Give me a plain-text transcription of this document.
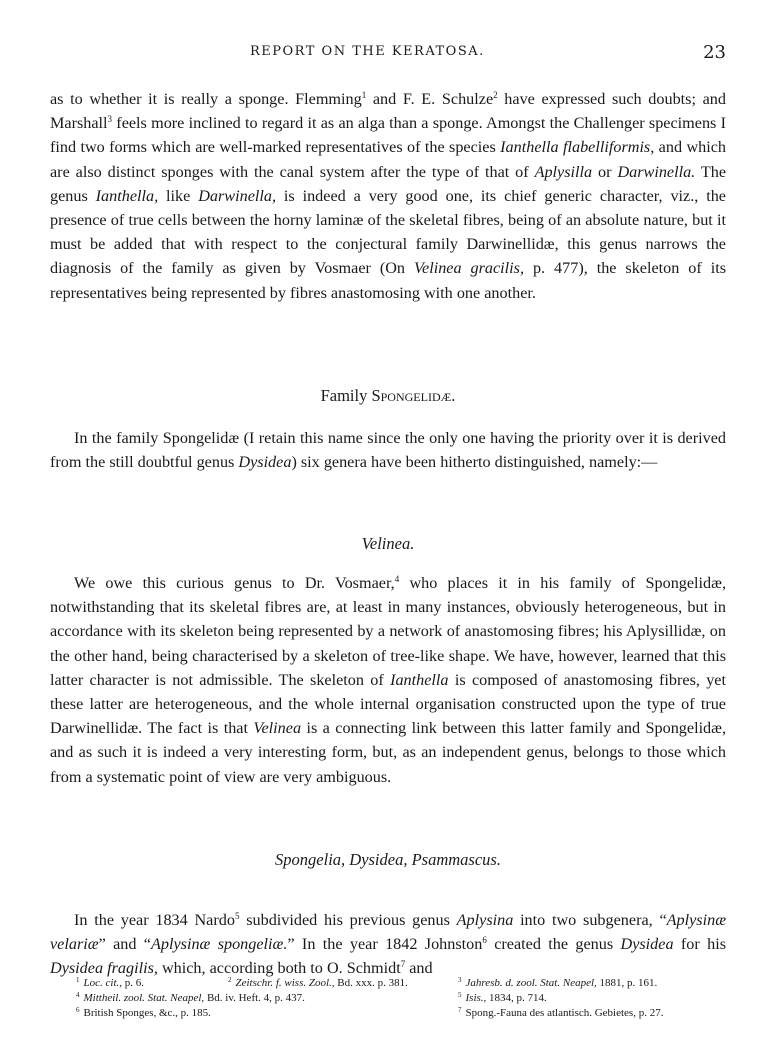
REPORT ON THE KERATOSA.	23
as to whether it is really a sponge. Flemming$^1$ and F. E. Schulze$^2$ have expressed such doubts; and Marshall$^3$ feels more inclined to regard it as an alga than a sponge. Amongst the Challenger specimens I find two forms which are well-marked representatives of the species Ianthella flabelliformis, and which are also distinct sponges with the canal system after the type of that of Aplysilla or Darwinella. The genus Ianthella, like Darwinella, is indeed a very good one, its chief generic character, viz., the presence of true cells between the horny laminæ of the skeletal fibres, being of an absolute nature, but it must be added that with respect to the conjectural family Darwinellidæ, this genus narrows the diagnosis of the family as given by Vosmaer (On Velinea gracilis, p. 477), the skeleton of its representatives being represented by fibres anastomosing with one another.
Family Spongelidæ.
In the family Spongelidæ (I retain this name since the only one having the priority over it is derived from the still doubtful genus Dysidea) six genera have been hitherto distinguished, namely:—
Velinea.
We owe this curious genus to Dr. Vosmaer,$^4$ who places it in his family of Spongelidæ, notwithstanding that its skeletal fibres are, at least in many instances, obviously heterogeneous, but in accordance with its skeleton being represented by a network of anastomosing fibres; his Aplysillidæ, on the other hand, being characterised by a skeleton of tree-like shape. We have, however, learned that this latter character is not admissible. The skeleton of Ianthella is composed of anastomosing fibres, yet these latter are heterogeneous, and the whole internal organisation constructed upon the type of true Darwinellidæ. The fact is that Velinea is a connecting link between this latter family and Spongelidæ, and as such it is indeed a very interesting form, but, as an independent genus, belongs to those which from a systematic point of view are very ambiguous.
Spongelia, Dysidea, Psammascus.
In the year 1834 Nardo$^5$ subdivided his previous genus Aplysina into two subgenera, “Aplysinæ velariæ” and “Aplysinæ spongeliæ.” In the year 1842 Johnston$^6$ created the genus Dysidea for his Dysidea fragilis, which, according both to O. Schmidt$^7$ and
$^1$ Loc. cit., p. 6.	$^2$ Zeitschr. f. wiss. Zool., Bd. xxx. p. 381.	$^3$ Jahresb. d. zool. Stat. Neapel, 1881, p. 161.
$^4$ Mittheil. zool. Stat. Neapel, Bd. iv. Heft. 4, p. 437.	$^5$ Isis., 1834, p. 714.
$^6$ British Sponges, &c., p. 185.	$^7$ Spong.-Fauna des atlantisch. Gebietes, p. 27.
